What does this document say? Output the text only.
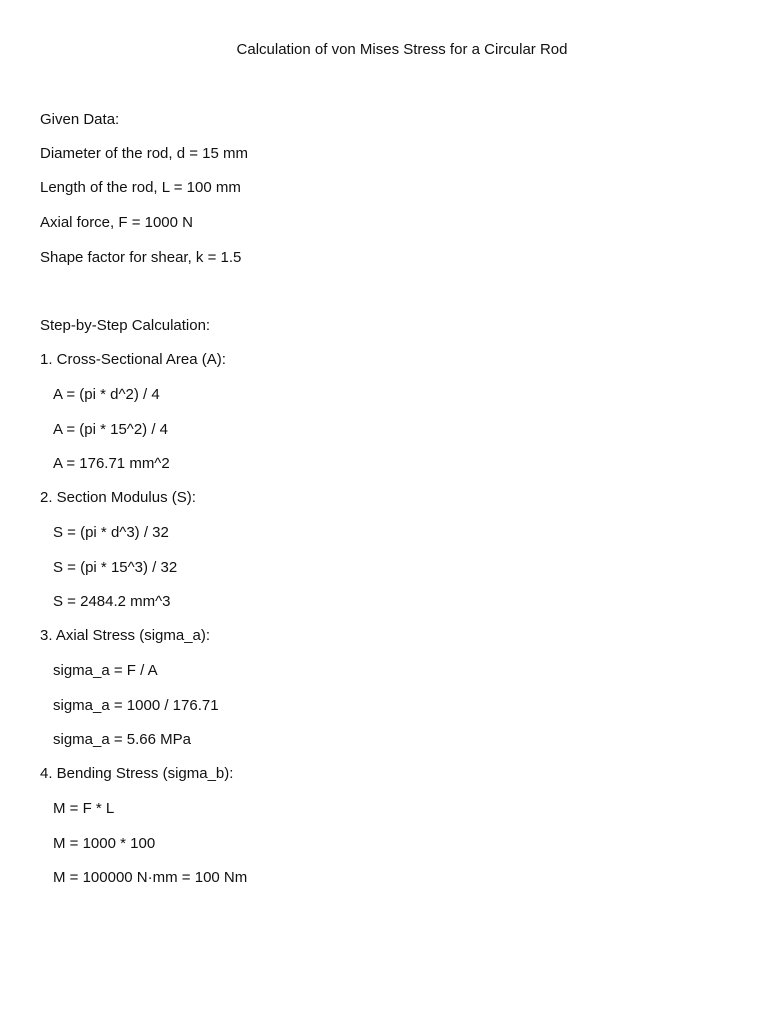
Calculation of von Mises Stress for a Circular Rod
Given Data:
Diameter of the rod, d = 15 mm
Length of the rod, L = 100 mm
Axial force, F = 1000 N
Shape factor for shear, k = 1.5
Step-by-Step Calculation:
1. Cross-Sectional Area (A):
A = (pi * d^2) / 4
A = (pi * 15^2) / 4
A = 176.71 mm^2
2. Section Modulus (S):
S = (pi * d^3) / 32
S = (pi * 15^3) / 32
S = 2484.2 mm^3
3. Axial Stress (sigma_a):
sigma_a = F / A
sigma_a = 1000 / 176.71
sigma_a = 5.66 MPa
4. Bending Stress (sigma_b):
M = F * L
M = 1000 * 100
M = 100000 N·mm = 100 Nm
